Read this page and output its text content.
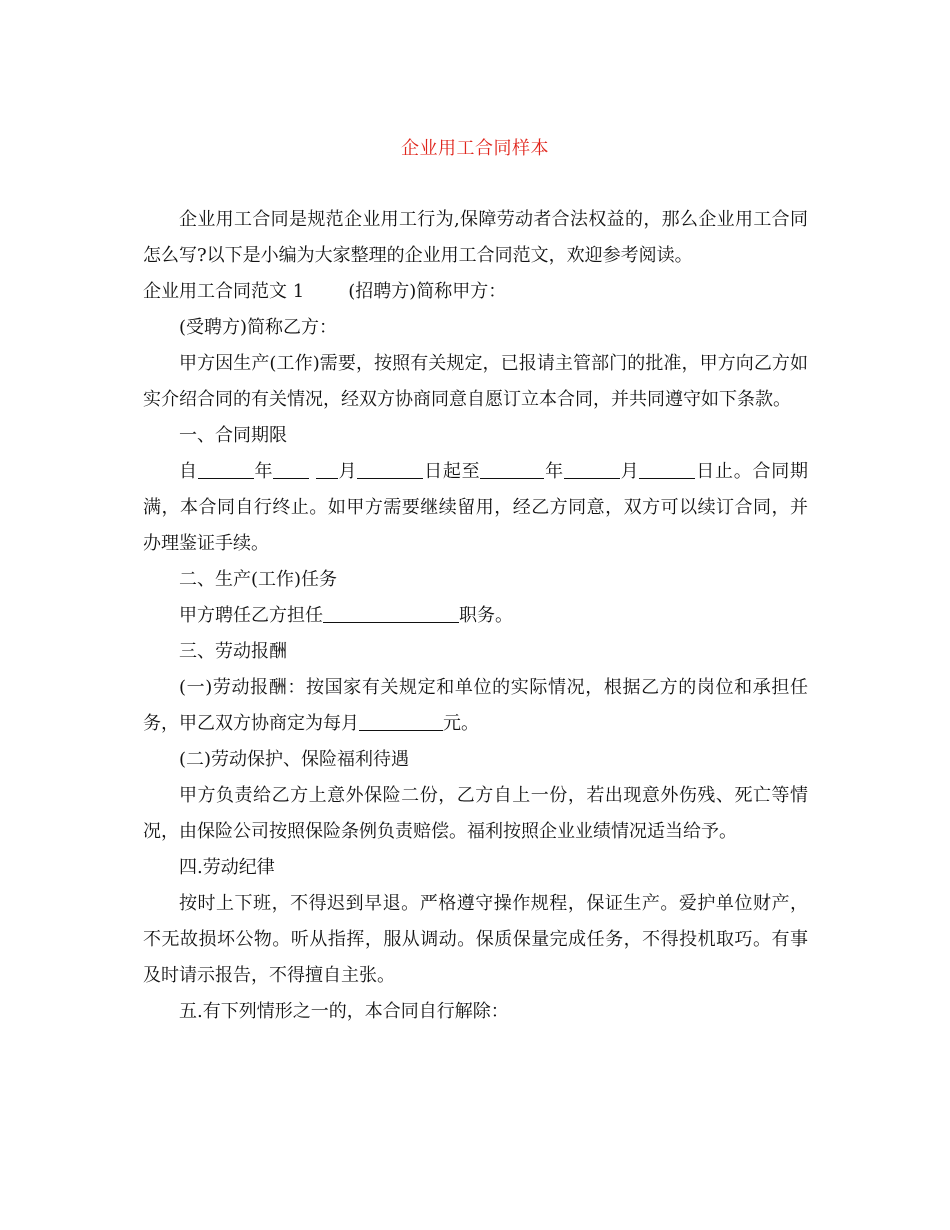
企业用工合同样本

企业用工合同是规范企业用工行为,保障劳动者合法权益的，那么企业用工合同怎么写?以下是小编为大家整理的企业用工合同范文，欢迎参考阅读。

企业用工合同范文 1 (招聘方)简称甲方：

(受聘方)简称乙方：

甲方因生产(工作)需要，按照有关规定，已报请主管部门的批准，甲方向乙方如实介绍合同的有关情况，经双方协商同意自愿订立本合同，并共同遵守如下条款。

一、合同期限

自	年	月	日起至	年	月	日止。合同期满，本合同自行终止。如甲方需要继续留用，经乙方同意，双方可以续订合同，并办理鉴证手续。

二、生产(工作)任务

甲方聘任乙方担任	职务。

三、劳动报酬

(一)劳动报酬：按国家有关规定和单位的实际情况，根据乙方的岗位和承担任务，甲乙双方协商定为每月	元。

(二)劳动保护、保险福利待遇

甲方负责给乙方上意外保险二份，乙方自上一份，若出现意外伤残、死亡等情况，由保险公司按照保险条例负责赔偿。福利按照企业业绩情况适当给予。

四.劳动纪律

按时上下班，不得迟到早退。严格遵守操作规程，保证生产。爱护单位财产，不无故损坏公物。听从指挥，服从调动。保质保量完成任务，不得投机取巧。有事及时请示报告，不得擅自主张。

五.有下列情形之一的，本合同自行解除：
